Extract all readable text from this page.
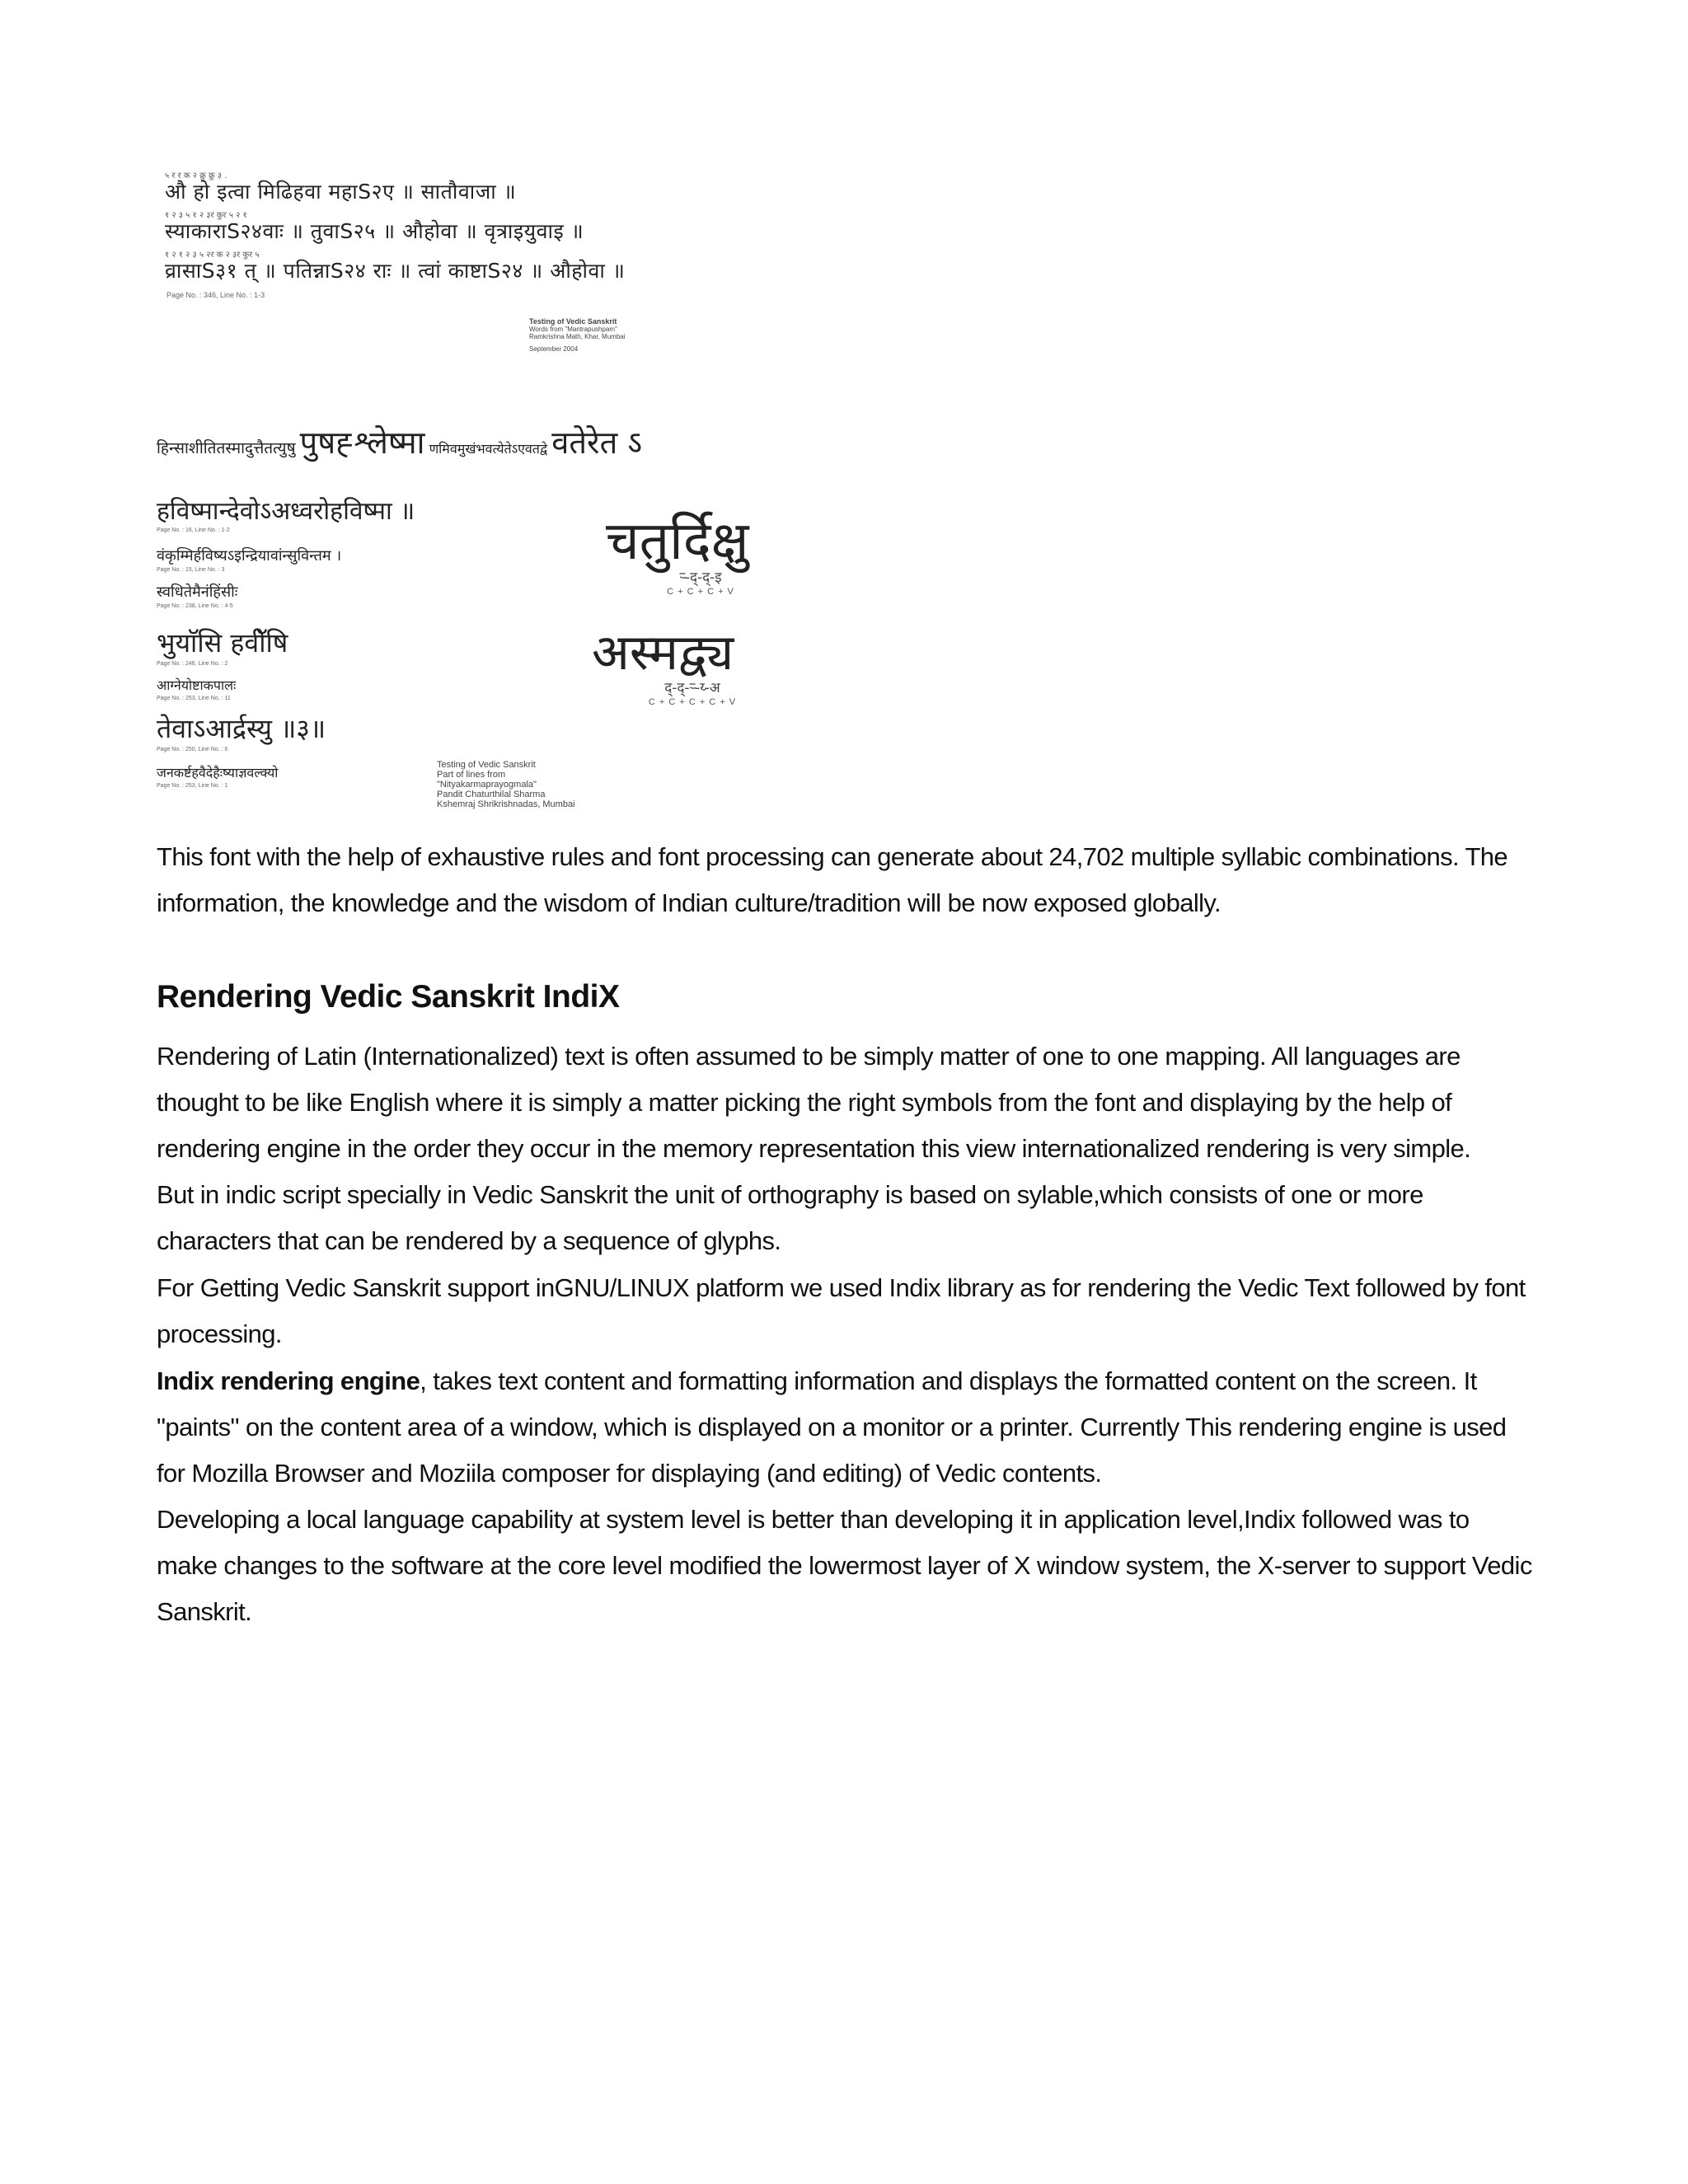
५ र र क २ क्रु क्रु ३ .
औ हो इत्वा मिढिहवा महाS२ए ॥ सातौवाजा ॥
१ २ ३ ५ १ २ ३र कुर ५ २ १
स्याकाराS२४वाः ॥ तुवाS२५ ॥ औहोवा ॥ वृत्राइयुवाइ ॥
१ २ १ २ ३ ५ २र क २ ३र कुर ५
व्रासाS३१ त् ॥ पतिन्नाS२४ राः ॥ त्वां काष्टाS२४ ॥ औहोवा ॥
Page No. : 346, Line No. : 1-3
Testing of Vedic Sanskrit
Words from "Mantrapushpam"
Ramkrishna Math, Khar, Mumbai
September 2004
हिन्साशीतितस्मादुत्तैतत्युषु पुषह्‍ श्लेष्मा णमिवमुखंभवत्येतेऽएवतद्वे वतेरेत ऽ
हविष्मान्देवोऽअध्वरोहविष्मा ॥
Page No. : 16, Line No. : 1-2
वंकृम्मिर्हविष्यऽइन्द्रियावांन्सुविन्तम ।
Page No. : 15, Line No. : 3
स्वधितेमैनंहिंसीः
Page No. : 238, Line No. : 4-5
भुयाॅसि हवीॅषि
Page No. : 246, Line No. : 2
आग्नेयोष्टाकपालः
Page No. : 253, Line No. : 11
तेवाऽआर्द्रस्यु ॥३॥
Page No. : 250, Line No. : 6
जनकर्ष्टहवैदेहैःष्याज्ञवल्क्यो
Page No. : 253, Line No. : 1
चतुर्दिक्षु
र्‍-द्‍-द्‍-इ
C + C + C + V
अस्मद्व्य
द्‍-द्‍-र्‍-य्‍-अ
C + C + C + C + V
Testing of Vedic Sanskrit
Part of lines from
"Nityakarmaprayogmala"
Pandit Chaturthilal Sharma
Kshemraj Shrikrishnadas, Mumbai
This font with the help of exhaustive rules and font processing can generate about 24,702 multiple syllabic combinations. The information, the knowledge and the wisdom of Indian culture/tradition will be now exposed globally.
Rendering Vedic Sanskrit IndiX
Rendering of Latin (Internationalized) text is often assumed to be simply matter of one to one mapping. All languages are thought to be like English where it is simply a matter picking the right symbols from the font and displaying by the help of rendering engine in the order they occur in the memory representation this view internationalized rendering is very simple.
But in indic script specially in Vedic Sanskrit the unit of orthography is based on sylable,which consists of one or more characters that can be rendered by a sequence of glyphs.
For Getting Vedic Sanskrit support inGNU/LINUX platform we used Indix library as for rendering the Vedic Text followed by font processing.
Indix rendering engine, takes text content and formatting information and displays the formatted content on the screen. It "paints" on the content area of a window, which is displayed on a monitor or a printer. Currently This rendering engine is used for Mozilla Browser and Moziila composer for displaying (and editing) of Vedic contents.
Developing a local language capability at system level is better than developing it in application level,Indix followed was to make changes to the software at the core level modified the lowermost layer of X window system, the X-server to support Vedic Sanskrit.
